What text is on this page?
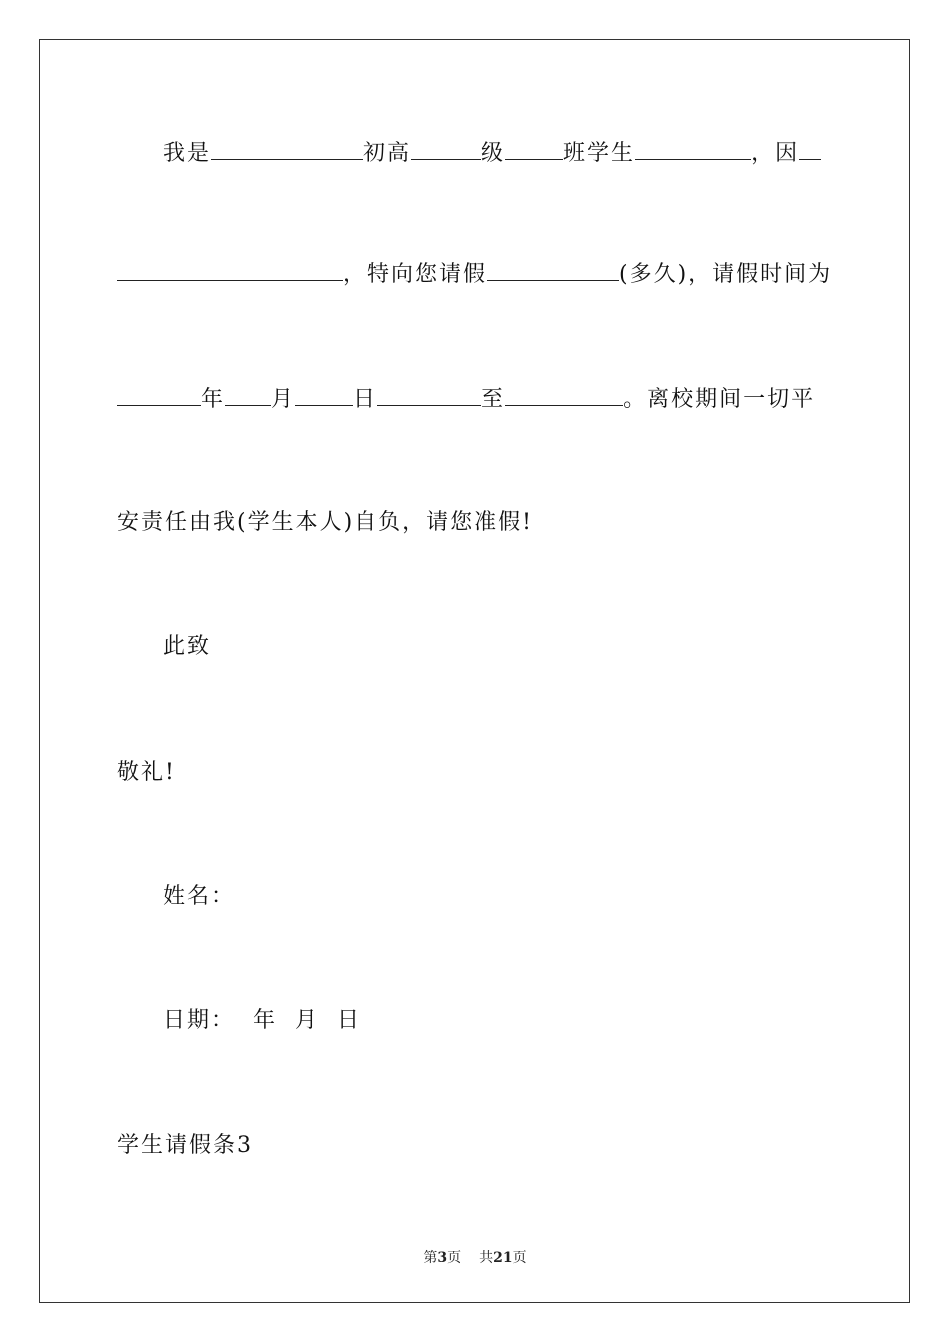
我是	初高	级	班学生	，因
，特向您请假	(多久)，请假时间为
年 月	日	至	。离校期间一切平
安责任由我(学生本人)自负，请您准假!
此致
敬礼!
姓名：
日期：  年  月  日
学生请假条3
第3页 共21页
